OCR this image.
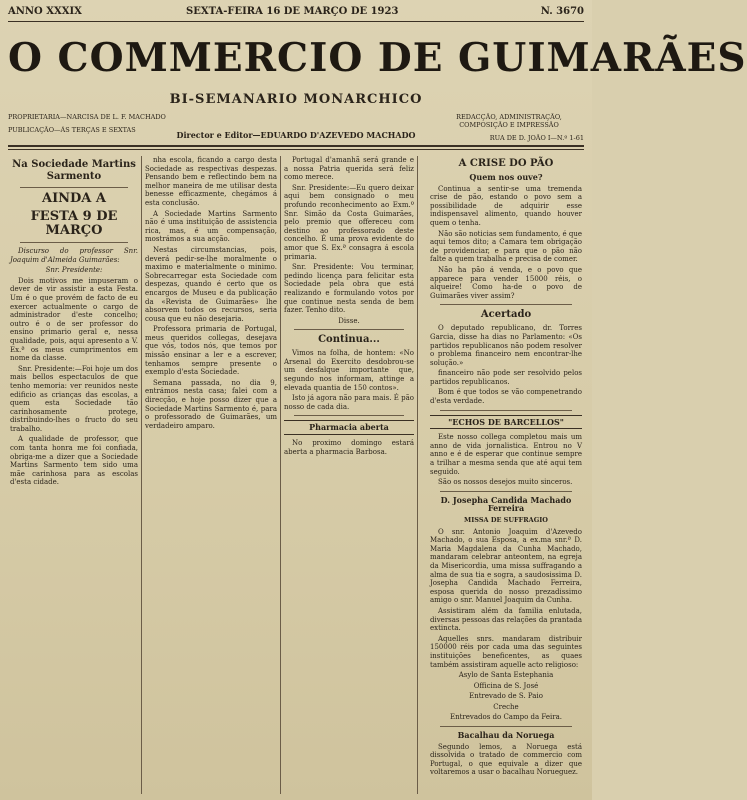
ANNO XXXIX	SEXTA-FEIRA 16 DE MARÇO DE 1923	N. 3670
O COMMERCIO DE GUIMARÃES
BI-SEMANARIO MONARCHICO
PROPRIETARIA—NARCISA DE L. F. MACHADO
PUBLICAÇÃO—ÁS TERÇAS E SEXTAS
REDACÇÃO, ADMINISTRAÇÃO, COMPOSIÇÃO E IMPRESSÃO
RUA DE D. JOÃO I—N.º 1-61
Director e Editor—EDUARDO D'AZEVEDO MACHADO
Na Sociedade Martins Sarmento
AINDA A
FESTA 9 DE MARÇO

Discurso do professor Snr. Joaquim d'Almeida Guimarães:

Snr. Presidente:

Dois motivos me impuseram o dever de vir assistir a esta Festa. Um é o que provém de facto de eu exercer actualmente o cargo de administrador d'este concelho; outro é o de ser professor do ensino primario geral e, nessa qualidade, pois, aqui apresento a V. Ex.ª os meus cumprimentos em nome da classe.

Snr. Presidente:—Foi hoje um dos mais bellos espectaculos de que tenho memoria: ver reunidos neste edificio as crianças das escolas, a quem esta Sociedade tão carinhosamente protege, distribuindo-lhes o fructo do seu trabalho.

A qualidade de professor, que com tanta honra me foi confiada, obriga-me a dizer que a Sociedade Martins Sarmento tem sido uma mãe carinhosa para as escolas d'esta cidade.

nha escola, ficando a cargo desta Sociedade as respectivas despezas. Pensando bem e reflectindo bem na melhor maneira de me utilisar desta benesse efficazmente, chegámos á esta conclusão.

A Sociedade Martins Sarmento não é uma instituição de assistencia rica, mas, é um compensação, mostrámos a sua acção.

Nestas circumstancias, pois, deverá pedir-se-lhe moralmente o maximo e materialmente o minimo. Sobrecarregar esta Sociedade com despezas, quando é certo que os encargos de Museu e da publicação da «Revista de Guimarães» lhe absorvem todos os recursos, seria cousa que eu não desejaria.

Professora primaria de Portugal, meus queridos collegas, desejava que vós, todos nós, que temos por missão ensinar a ler e a escrever, tenhamos sempre presente o exemplo d'esta Sociedade.

Semana passada, no dia 9, entrámos nesta casa; falei com a direcção, e hoje posso dizer que a Sociedade Martins Sarmento é, para o professorado de Guimarães, um verdadeiro amparo.

Portugal d'amanhã será grande e a nossa Patria querida será feliz como merece.

Snr. Presidente:—Eu quero deixar aqui bem consignado o meu profundo reconhecimento ao Exm.º Snr. Simão da Costa Guimarães, pelo premio que offereceu com destino ao professorado deste concelho. É uma prova evidente do amor que S. Ex.ª consagra á escola primaria.

Snr. Presidente: Vou terminar, pedindo licença para felicitar esta Sociedade pela obra que está realizando e formulando votos por que continue nesta senda de bem fazer. Tenho dito.

Disse.

Continua...

Vimos na folha, de hontem: «No Arsenal do Exercito desdobrou-se um desfalque importante que, segundo nos informam, attinge a elevada quantia de 150 contos».

Isto já agora não para mais. É pão nosso de cada dia.

Pharmacia aberta

No proximo domingo estará aberta a pharmacia Barbosa.

A CRISE DO PÃO
Quem nos ouve?

Continua a sentir-se uma tremenda crise de pão, estando o povo sem a possibilidade de adquirir esse indispensavel alimento, quando houver quem o tenha.

Não são noticias sem fundamento, é que aqui temos dito; a Camara tem obrigação de providenciar, e para que o pão não falte a quem trabalha e precisa de comer.

Não ha pão á venda, e o povo que apparece para vender 15000 réis, o alqueire! Como ha-de o povo de Guimarães viver assim?

Acertado

O deputado republicano, dr. Torres Garcia, disse ha dias no Parlamento: «Os partidos republicanos não podem resolver o problema financeiro nem encontrar-lhe solução.»

financeiro não pode ser resolvido pelos partidos republicanos.

Bom é que todos se vão compenetrando d'esta verdade.

"ECHOS DE BARCELLOS"

Este nosso collega completou mais um anno de vida jornalistica. Entrou no V anno e é de esperar que continue sempre a trilhar a mesma senda que até aqui tem seguido.

São os nossos desejos muito sinceros.

D. Josepha Candida Machado Ferreira
MISSA DE SUFFRAGIO

O snr. Antonio Joaquim d'Azevedo Machado, o sua Esposa, a ex.ma snr.ª D. Maria Magdalena da Cunha Machado, mandaram celebrar anteontem, na egreja da Misericordia, uma missa suffragando a alma de sua tia e sogra, a saudosissima D. Josepha Candida Machado Ferreira, esposa querida do nosso prezadissimo amigo o snr. Manuel Joaquim da Cunha.

Assistiram além da familia enlutada, diversas pessoas das relações da prantada extincta.

Aquelles snrs. mandaram distribuir 150000 réis por cada uma das seguintes instituições beneficentes, as quaes também assistiram aquelle acto religioso:

Asylo de Santa Estephania

Officina de S. José

Entrevado de S. Paio

Creche

Entrevados do Campo da Feira.

Bacalhau da Noruega

Segundo lemos, a Noruega está dissolvida o tratado de commercio com Portugal, o que equivale a dizer que voltaremos a usar o bacalhau Norueguez.
